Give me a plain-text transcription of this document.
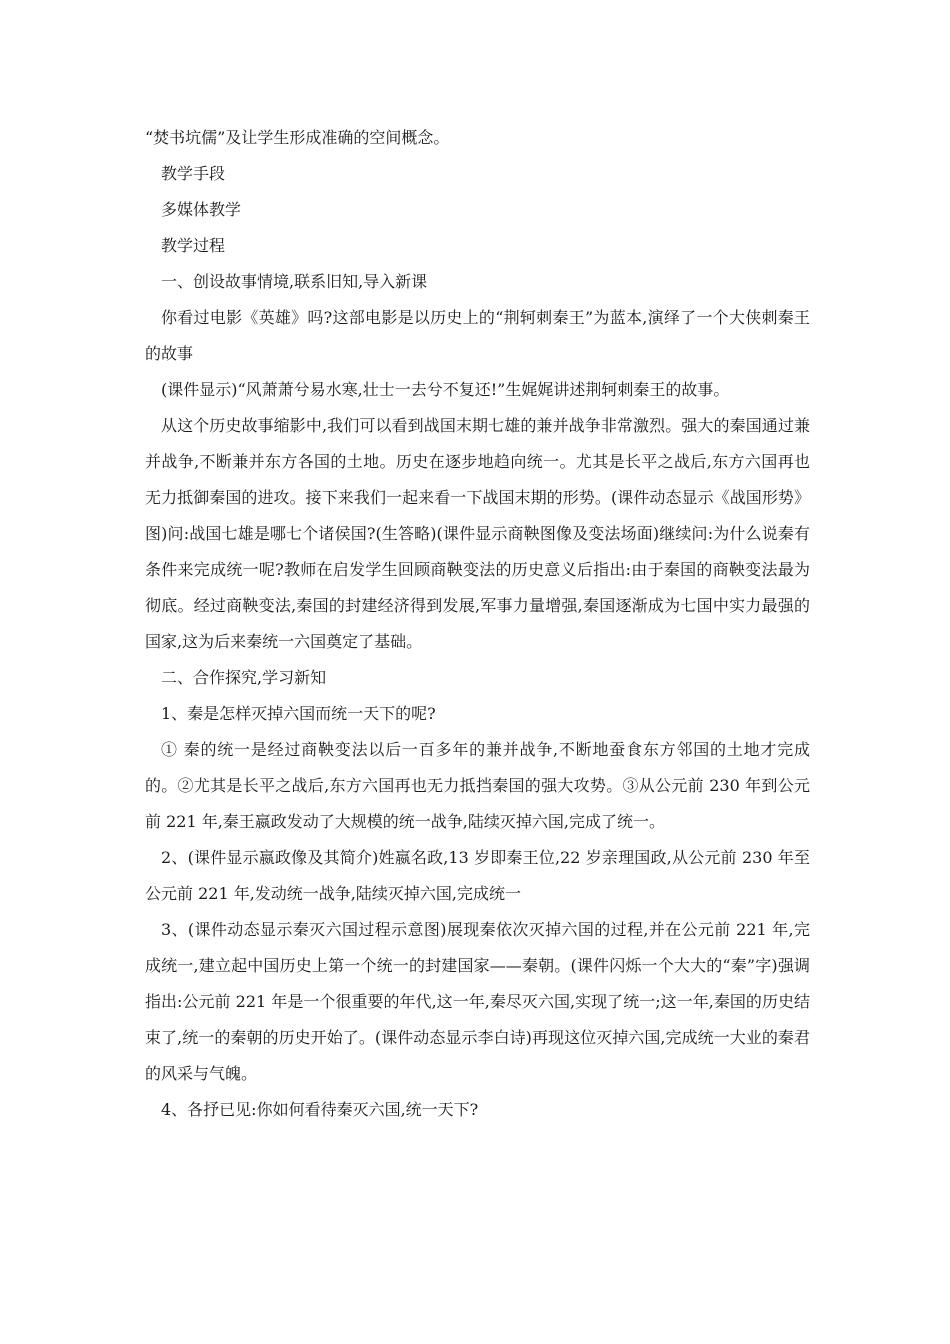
“焚书坑儒”及让学生形成准确的空间概念。
教学手段
多媒体教学
教学过程
一、创设故事情境,联系旧知,导入新课
你看过电影《英雄》吗?这部电影是以历史上的“荆轲刺秦王”为蓝本,演绎了一个大侠刺秦王的故事
(课件显示)“风萧萧兮易水寒,壮士一去兮不复还!”生娓娓讲述荆轲刺秦王的故事。
从这个历史故事缩影中,我们可以看到战国末期七雄的兼并战争非常激烈。强大的秦国通过兼并战争,不断兼并东方各国的土地。历史在逐步地趋向统一。尤其是长平之战后,东方六国再也无力抵御秦国的进攻。接下来我们一起来看一下战国末期的形势。(课件动态显示《战国形势》图)问:战国七雄是哪七个诸侯国?(生答略)(课件显示商鞅图像及变法场面)继续问:为什么说秦有条件来完成统一呢?教师在启发学生回顾商鞅变法的历史意义后指出:由于秦国的商鞅变法最为彻底。经过商鞅变法,秦国的封建经济得到发展,军事力量增强,秦国逐渐成为七国中实力最强的国家,这为后来秦统一六国奠定了基础。
二、合作探究,学习新知
1、秦是怎样灭掉六国而统一天下的呢?
① 秦的统一是经过商鞅变法以后一百多年的兼并战争,不断地蚕食东方邻国的土地才完成的。②尤其是长平之战后,东方六国再也无力抵挡秦国的强大攻势。③从公元前 230 年到公元前 221 年,秦王嬴政发动了大规模的统一战争,陆续灭掉六国,完成了统一。
2、(课件显示嬴政像及其简介)姓嬴名政,13 岁即秦王位,22 岁亲理国政,从公元前 230 年至公元前 221 年,发动统一战争,陆续灭掉六国,完成统一
3、(课件动态显示秦灭六国过程示意图)展现秦依次灭掉六国的过程,并在公元前 221 年,完成统一,建立起中国历史上第一个统一的封建国家——秦朝。(课件闪烁一个大大的“秦”字)强调指出:公元前 221 年是一个很重要的年代,这一年,秦尽灭六国,实现了统一;这一年,秦国的历史结束了,统一的秦朝的历史开始了。(课件动态显示李白诗)再现这位灭掉六国,完成统一大业的秦君的风采与气魄。
4、各抒已见:你如何看待秦灭六国,统一天下?
